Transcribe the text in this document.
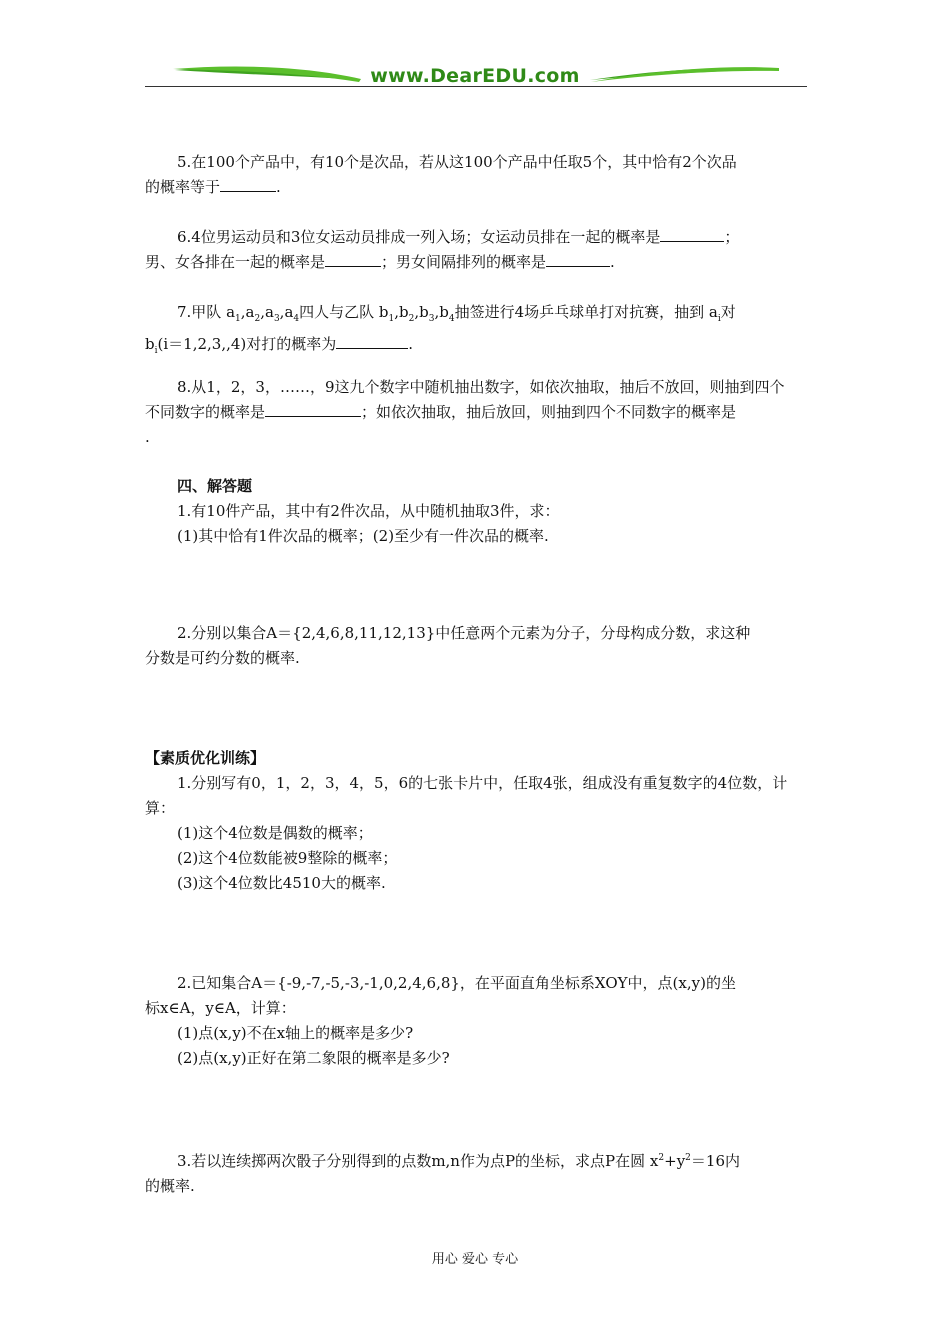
www.DearEDU.com

5.在100个产品中，有10个是次品，若从这100个产品中任取5个，其中恰有2个次品

的概率等于	.

6.4位男运动员和3位女运动员排成一列入场；女运动员排在一起的概率是	；

男、女各排在一起的概率是	；男女间隔排列的概率是	.

7.甲队 $a_1,a_2,a_3,a_4$四人与乙队 $b_1,b_2,b_3,b_4$抽签进行4场乒乓球单打对抗赛，抽到 $a_i$对

$b_i(i=1,2,3,,4)$对打的概率为	.

8.从1，2，3，……，9这九个数字中随机抽出数字，如依次抽取，抽后不放回，则抽到四个

不同数字的概率是	；如依次抽取，抽后放回，则抽到四个不同数字的概率是

.

四、解答题

1.有10件产品，其中有2件次品，从中随机抽取3件，求：

(1)其中恰有1件次品的概率；(2)至少有一件次品的概率.

2.分别以集合A＝{2,4,6,8,11,12,13}中任意两个元素为分子，分母构成分数，求这种

分数是可约分数的概率.

【素质优化训练】

1.分别写有0，1，2，3，4，5，6的七张卡片中，任取4张，组成没有重复数字的4位数，计

算：

(1)这个4位数是偶数的概率；

(2)这个4位数能被9整除的概率；

(3)这个4位数比4510大的概率.

2.已知集合A＝{-9,-7,-5,-3,-1,0,2,4,6,8}，在平面直角坐标系XOY中，点(x,y)的坐

标x∈A，y∈A，计算：

(1)点(x,y)不在x轴上的概率是多少?

(2)点(x,y)正好在第二象限的概率是多少?

3.若以连续掷两次骰子分别得到的点数m,n作为点P的坐标，求点P在圆 $x^2+y^2=16$内

的概率.

用心 爱心 专心
